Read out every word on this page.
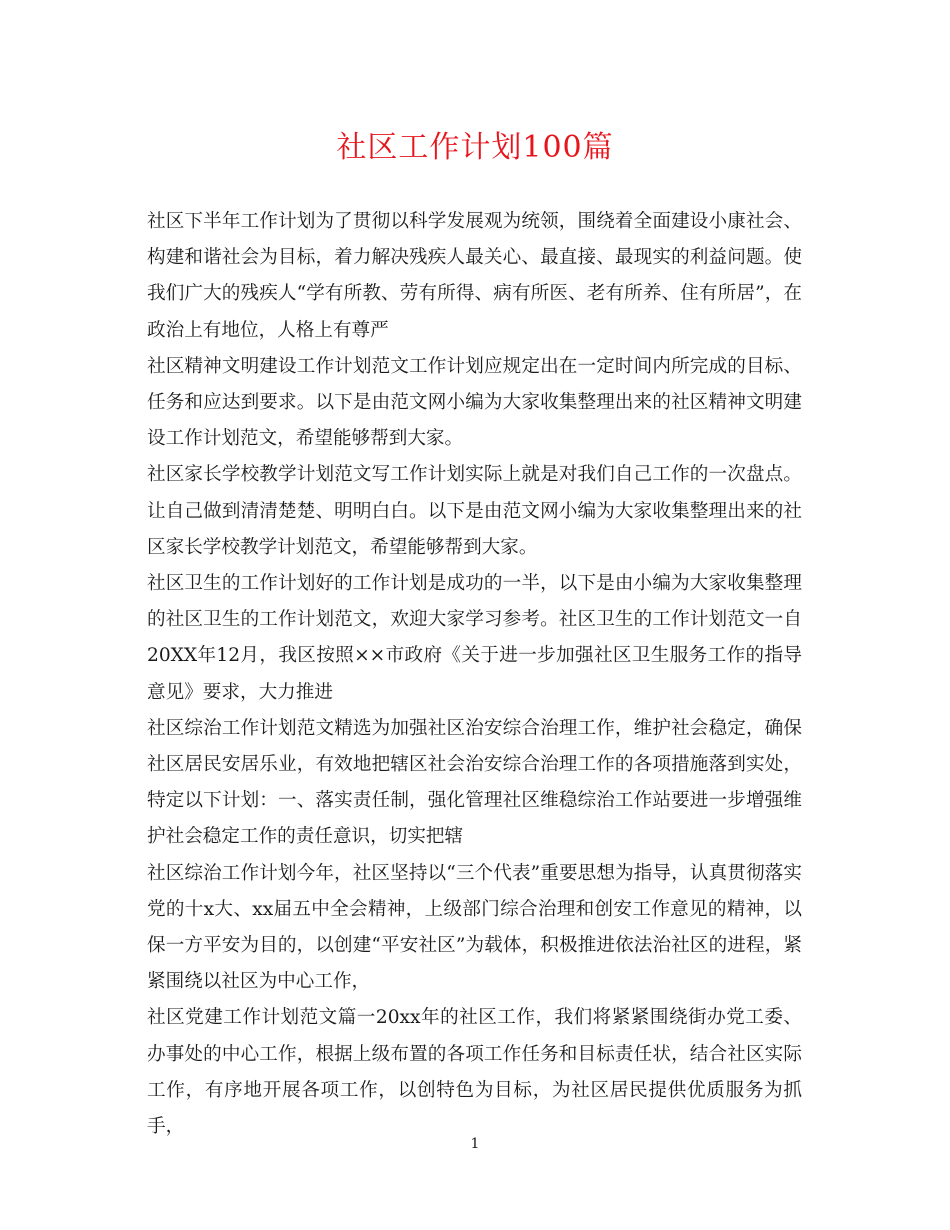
社区工作计划100篇

社区下半年工作计划为了贯彻以科学发展观为统领，围绕着全面建设小康社会、构建和谐社会为目标，着力解决残疾人最关心、最直接、最现实的利益问题。使我们广大的残疾人“学有所教、劳有所得、病有所医、老有所养、住有所居”，在政治上有地位，人格上有尊严

社区精神文明建设工作计划范文工作计划应规定出在一定时间内所完成的目标、任务和应达到要求。以下是由范文网小编为大家收集整理出来的社区精神文明建设工作计划范文，希望能够帮到大家。

社区家长学校教学计划范文写工作计划实际上就是对我们自己工作的一次盘点。让自己做到清清楚楚、明明白白。以下是由范文网小编为大家收集整理出来的社区家长学校教学计划范文，希望能够帮到大家。

社区卫生的工作计划好的工作计划是成功的一半，以下是由小编为大家收集整理的社区卫生的工作计划范文，欢迎大家学习参考。社区卫生的工作计划范文一自20XX年12月，我区按照××市政府《关于进一步加强社区卫生服务工作的指导意见》要求，大力推进

社区综治工作计划范文精选为加强社区治安综合治理工作，维护社会稳定，确保社区居民安居乐业，有效地把辖区社会治安综合治理工作的各项措施落到实处，特定以下计划：一、落实责任制，强化管理社区维稳综治工作站要进一步增强维护社会稳定工作的责任意识，切实把辖

社区综治工作计划今年，社区坚持以“三个代表”重要思想为指导，认真贯彻落实党的十x大、xx届五中全会精神，上级部门综合治理和创安工作意见的精神，以保一方平安为目的，以创建“平安社区”为载体，积极推进依法治社区的进程，紧紧围绕以社区为中心工作，

社区党建工作计划范文篇一20xx年的社区工作，我们将紧紧围绕街办党工委、办事处的中心工作，根据上级布置的各项工作任务和目标责任状，结合社区实际工作，有序地开展各项工作，以创特色为目标，为社区居民提供优质服务为抓手，

1
